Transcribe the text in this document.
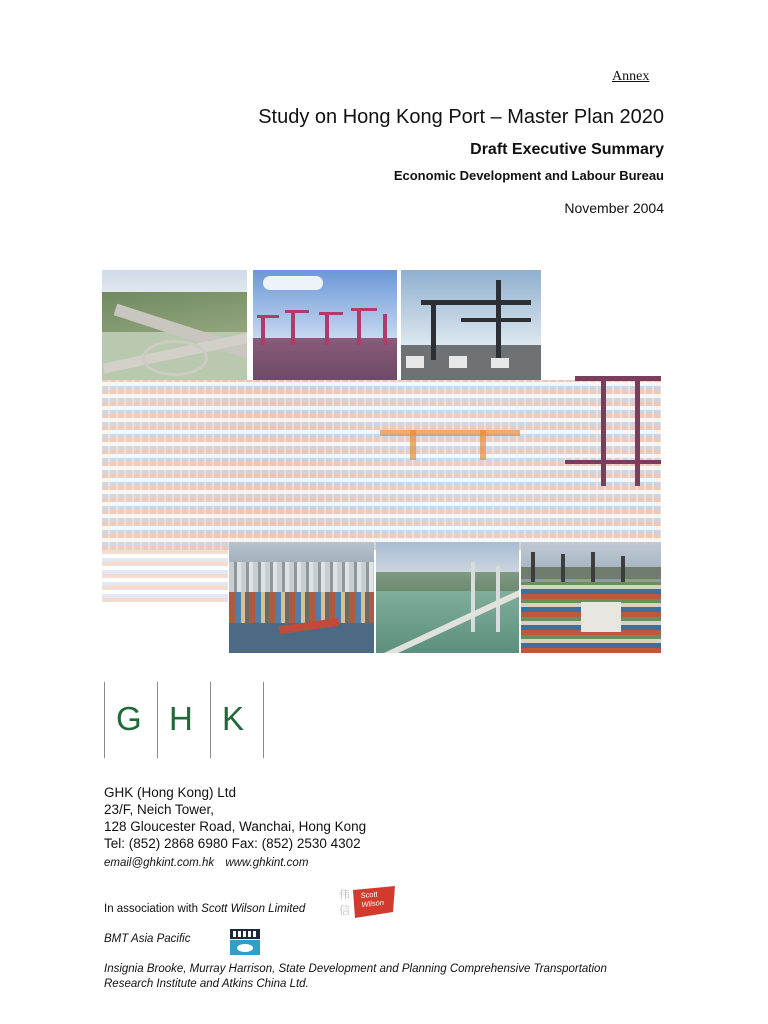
Annex
Study on Hong Kong Port – Master Plan 2020
Draft Executive Summary
Economic Development and Labour Bureau
November 2004
G H K
GHK (Hong Kong) Ltd
23/F, Neich Tower,
128 Gloucester Road, Wanchai, Hong Kong
Tel: (852) 2868 6980 Fax: (852) 2530 4302
email@ghkint.com.hk www.ghkint.com
In association with Scott Wilson Limited
伟
信
Scott
Wilson
BMT Asia Pacific
Insignia Brooke, Murray Harrison, State Development and Planning Comprehensive Transportation Research Institute and Atkins China Ltd.
